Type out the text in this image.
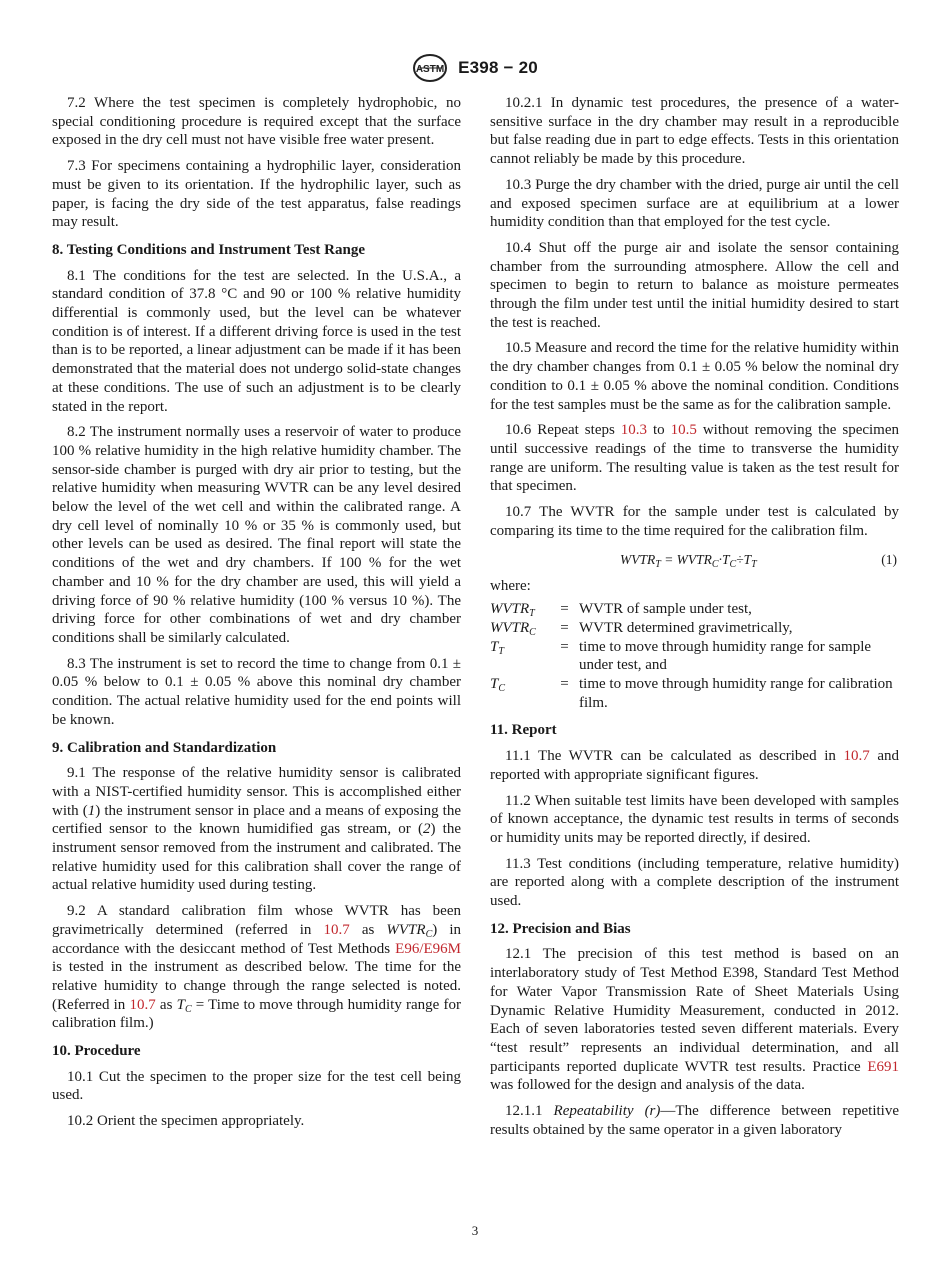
ASTM E398 − 20

7.2 Where the test specimen is completely hydrophobic, no special conditioning procedure is required except that the surface exposed in the dry cell must not have visible free water present.

7.3 For specimens containing a hydrophilic layer, consideration must be given to its orientation. If the hydrophilic layer, such as paper, is facing the dry side of the test apparatus, false readings may result.

8. Testing Conditions and Instrument Test Range

8.1 The conditions for the test are selected. In the U.S.A., a standard condition of 37.8 °C and 90 or 100 % relative humidity differential is commonly used, but the level can be whatever condition is of interest. If a different driving force is used in the test than is to be reported, a linear adjustment can be made if it has been demonstrated that the material does not undergo solid-state changes at these conditions. The use of such an adjustment is to be clearly stated in the report.

8.2 The instrument normally uses a reservoir of water to produce 100 % relative humidity in the high relative humidity chamber. The sensor-side chamber is purged with dry air prior to testing, but the relative humidity when measuring WVTR can be any level desired below the level of the wet cell and within the calibrated range. A dry cell level of nominally 10 % or 35 % is commonly used, but other levels can be used as desired. The final report will state the conditions of the wet and dry chambers. If 100 % for the wet chamber and 10 % for the dry chamber are used, this will yield a driving force of 90 % relative humidity (100 % versus 10 %). The driving force for other combinations of wet and dry chamber conditions shall be similarly calculated.

8.3 The instrument is set to record the time to change from 0.1 ± 0.05 % below to 0.1 ± 0.05 % above this nominal dry chamber condition. The actual relative humidity used for the end points will be known.

9. Calibration and Standardization

9.1 The response of the relative humidity sensor is calibrated with a NIST-certified humidity sensor. This is accomplished either with (1) the instrument sensor in place and a means of exposing the certified sensor to the known humidified gas stream, or (2) the instrument sensor removed from the instrument and calibrated. The relative humidity used for this calibration shall cover the range of actual relative humidity used during testing.

9.2 A standard calibration film whose WVTR has been gravimetrically determined (referred in 10.7 as $WVTR_C$) in accordance with the desiccant method of Test Methods E96/E96M is tested in the instrument as described below. The time for the relative humidity to change through the range selected is noted. (Referred in 10.7 as $T_C$ = Time to move through humidity range for calibration film.)

10. Procedure

10.1 Cut the specimen to the proper size for the test cell being used.

10.2 Orient the specimen appropriately.

10.2.1 In dynamic test procedures, the presence of a water-sensitive surface in the dry chamber may result in a reproducible but false reading due in part to edge effects. Tests in this orientation cannot reliably be made by this procedure.

10.3 Purge the dry chamber with the dried, purge air until the cell and exposed specimen surface are at equilibrium at a lower humidity condition than that employed for the test cycle.

10.4 Shut off the purge air and isolate the sensor containing chamber from the surrounding atmosphere. Allow the cell and specimen to begin to return to balance as moisture permeates through the film under test until the initial humidity desired to start the test is reached.

10.5 Measure and record the time for the relative humidity within the dry chamber changes from 0.1 ± 0.05 % below the nominal dry condition to 0.1 ± 0.05 % above the nominal condition. Conditions for the test samples must be the same as for the calibration sample.

10.6 Repeat steps 10.3 to 10.5 without removing the specimen until successive readings of the time to transverse the humidity range are uniform. The resulting value is taken as the test result for that specimen.

10.7 The WVTR for the sample under test is calculated by comparing its time to the time required for the calibration film.

$WVTR_T$ = $WVTR_C\cdot T_C\div T_T$	(1)
where:
$WVTR_T$	=	WVTR of sample under test,
$WVTR_C$	=	WVTR determined gravimetrically,
$T_T$	=	time to move through humidity range for sample under test, and
$T_C$	=	time to move through humidity range for calibration film.
11. Report

11.1 The WVTR can be calculated as described in 10.7 and reported with appropriate significant figures.

11.2 When suitable test limits have been developed with samples of known acceptance, the dynamic test results in terms of seconds or humidity units may be reported directly, if desired.

11.3 Test conditions (including temperature, relative humidity) are reported along with a complete description of the instrument used.

12. Precision and Bias

12.1 The precision of this test method is based on an interlaboratory study of Test Method E398, Standard Test Method for Water Vapor Transmission Rate of Sheet Materials Using Dynamic Relative Humidity Measurement, conducted in 2012. Each of seven laboratories tested seven different materials. Every “test result” represents an individual determination, and all participants reported duplicate WVTR test results. Practice E691 was followed for the design and analysis of the data.

12.1.1 Repeatability (r)—The difference between repetitive results obtained by the same operator in a given laboratory

3
